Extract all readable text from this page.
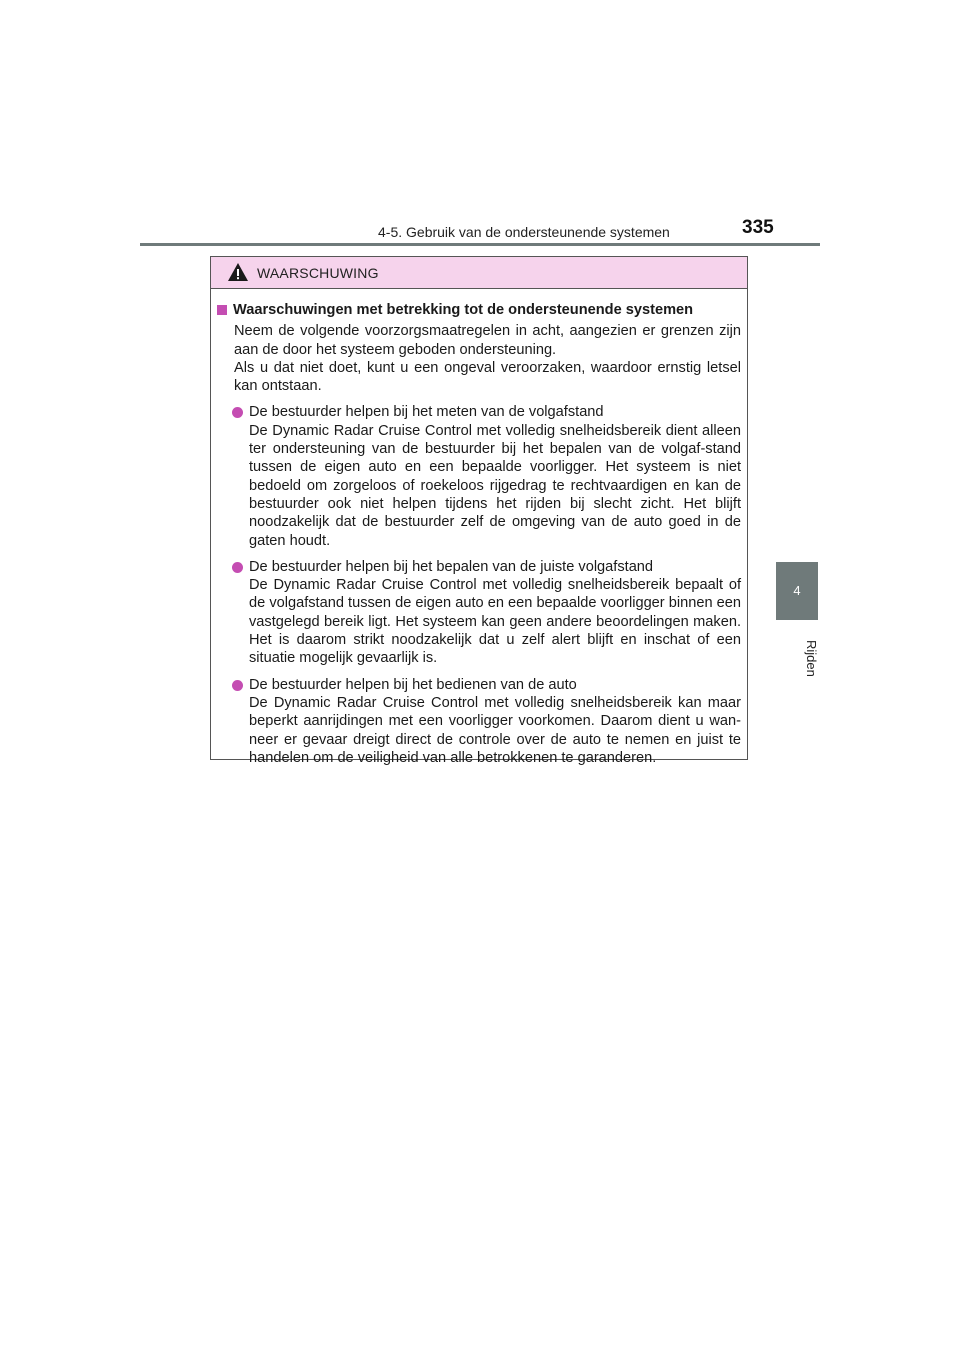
4-5. Gebruik van de ondersteunende systemen	335
4
Rijden
WAARSCHUWING
Waarschuwingen met betrekking tot de ondersteunende systemen

Neem de volgende voorzorgsmaatregelen in acht, aangezien er grenzen zijn aan de door het systeem geboden ondersteuning.

Als u dat niet doet, kunt u een ongeval veroorzaken, waardoor ernstig letsel kan ontstaan.

De bestuurder helpen bij het meten van de volgafstand

De Dynamic Radar Cruise Control met volledig snelheidsbereik dient alleen ter ondersteuning van de bestuurder bij het bepalen van de volgaf-stand tussen de eigen auto en een bepaalde voorligger. Het systeem is niet bedoeld om zorgeloos of roekeloos rijgedrag te rechtvaardigen en kan de bestuurder ook niet helpen tijdens het rijden bij slecht zicht. Het blijft noodzakelijk dat de bestuurder zelf de omgeving van de auto goed in de gaten houdt.

De bestuurder helpen bij het bepalen van de juiste volgafstand

De Dynamic Radar Cruise Control met volledig snelheidsbereik bepaalt of de volgafstand tussen de eigen auto en een bepaalde voorligger binnen een vastgelegd bereik ligt. Het systeem kan geen andere beoordelingen maken. Het is daarom strikt noodzakelijk dat u zelf alert blijft en inschat of een situatie mogelijk gevaarlijk is.

De bestuurder helpen bij het bedienen van de auto

De Dynamic Radar Cruise Control met volledig snelheidsbereik kan maar beperkt aanrijdingen met een voorligger voorkomen. Daarom dient u wan-neer er gevaar dreigt direct de controle over de auto te nemen en juist te handelen om de veiligheid van alle betrokkenen te garanderen.
